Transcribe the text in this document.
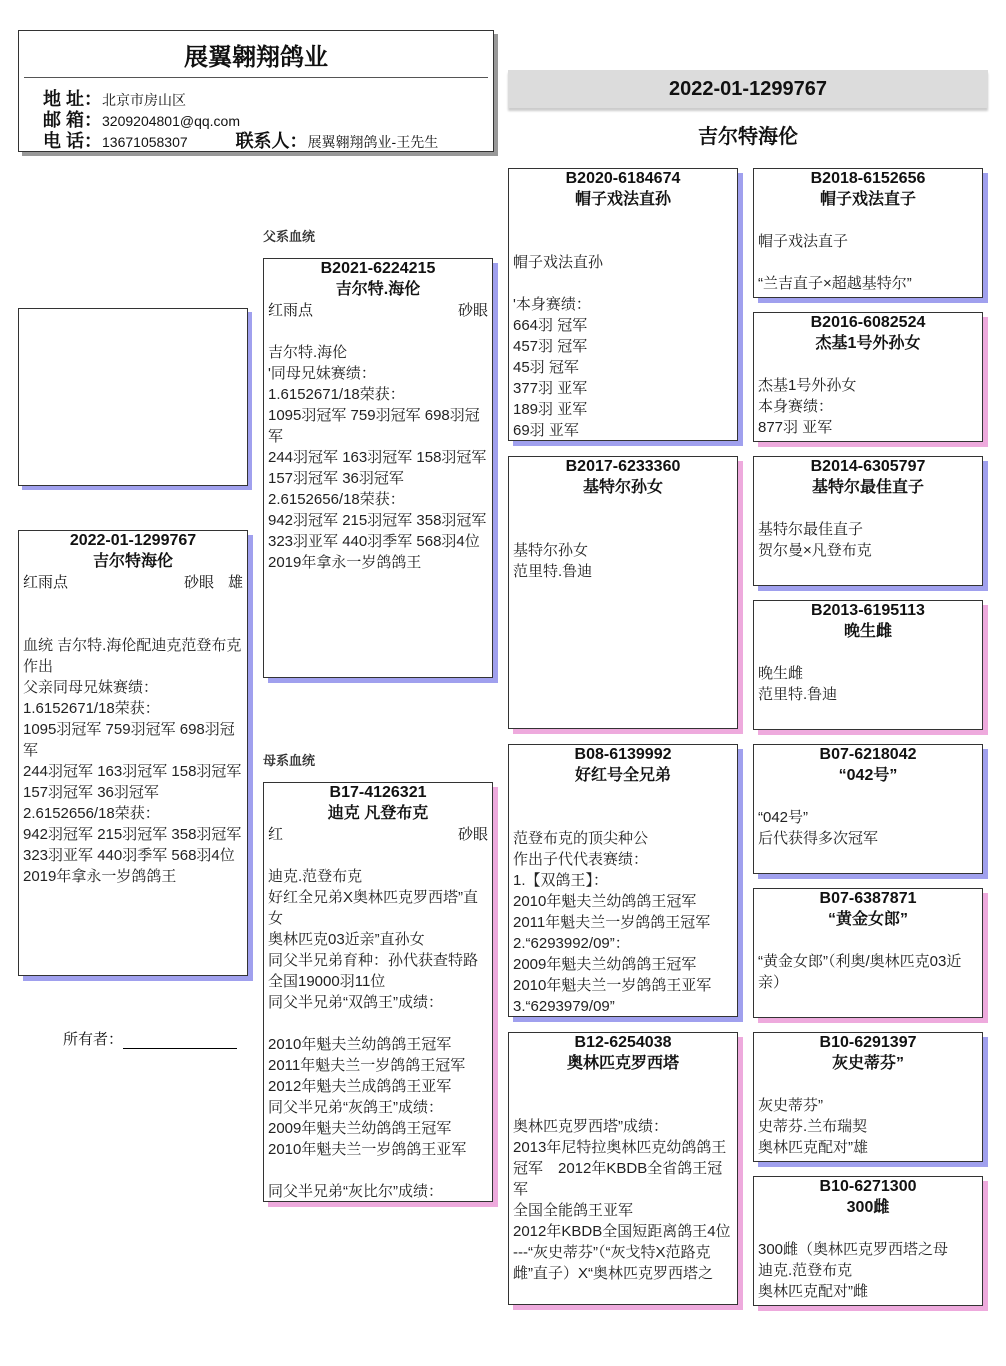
展翼翱翔鸽业
地 址：北京市房山区
邮 箱：3209204801@qq.com
电 话：13671058307	联系人：展翼翱翔鸽业-王先生
2022-01-1299767
吉尔特海伦
父系血统
母系血统
所有者：
2022-01-1299767
吉尔特海伦
红雨点	砂眼 雄
血统 吉尔特.海伦配迪克范登布克作出
父亲同母兄妹赛绩：
1.6152671/18荣获：
1095羽冠军 759羽冠军 698羽冠军
244羽冠军 163羽冠军 158羽冠军
157羽冠军 36羽冠军
2.6152656/18荣获：
942羽冠军 215羽冠军 358羽冠军
323羽亚军 440羽季军 568羽4位
2019年拿永一岁鸽鸽王
B2021-6224215
吉尔特.海伦
红雨点	砂眼
吉尔特.海伦
'同母兄妹赛绩：
1.6152671/18荣获：
1095羽冠军 759羽冠军 698羽冠军
244羽冠军 163羽冠军 158羽冠军
157羽冠军 36羽冠军
2.6152656/18荣获：
942羽冠军 215羽冠军 358羽冠军
323羽亚军 440羽季军 568羽4位
2019年拿永一岁鸽鸽王
B17-4126321
迪克 凡登布克
红	砂眼
迪克.范登布克
好红全兄弟X奥林匹克罗西塔”直女
奥林匹克03近亲”直孙女
同父半兄弟育种：孙代获查特路全国19000羽11位
同父半兄弟“双鸽王”成绩：
2010年魁夫兰幼鸽鸽王冠军
2011年魁夫兰一岁鸽鸽王冠军
2012年魁夫兰成鸽鸽王亚军
同父半兄弟“灰鸽王”成绩：
2009年魁夫兰幼鸽鸽王冠军
2010年魁夫兰一岁鸽鸽王亚军
同父半兄弟“灰比尔”成绩：
B2020-6184674
帽子戏法直孙
帽子戏法直孙
'本身赛绩：
664羽 冠军
457羽 冠军
45羽 冠军
377羽 亚军
189羽 亚军
69羽 亚军
B2017-6233360
基特尔孙女
基特尔孙女
范里特.鲁迪
B08-6139992
好红号全兄弟
范登布克的顶尖种公
作出子代代表赛绩：
1.【双鸽王】：
2010年魁夫兰幼鸽鸽王冠军
2011年魁夫兰一岁鸽鸽王冠军
2.“6293992/09”：
2009年魁夫兰幼鸽鸽王冠军
2010年魁夫兰一岁鸽鸽王亚军
3.“6293979/09”
B12-6254038
奥林匹克罗西塔
奥林匹克罗西塔”成绩：
2013年尼特拉奥林匹克幼鸽鸽王冠军　2012年KBDB全省鸽王冠军
全国全能鸽王亚军
2012年KBDB全国短距离鸽王4位
---“灰史蒂芬”（“灰戈特X范路克雌”直子）X“奥林匹克罗西塔之
B2018-6152656
帽子戏法直子
帽子戏法直子
“兰吉直子×超越基特尔”
B2016-6082524
杰基1号外孙女
杰基1号外孙女
本身赛绩：
877羽 亚军
B2014-6305797
基特尔最佳直子
基特尔最佳直子
贺尔曼×凡登布克
B2013-6195113
晚生雌
晚生雌
范里特.鲁迪
B07-6218042
“042号”
“042号”
后代获得多次冠军
B07-6387871
“黄金女郎”
“黄金女郎”（利奥/奥林匹克03近亲）
B10-6291397
灰史蒂芬”
灰史蒂芬”
史蒂芬.兰布瑞契
奥林匹克配对”雄
B10-6271300
300雌
300雌（奥林匹克罗西塔之母
迪克.范登布克
奥林匹克配对”雌
